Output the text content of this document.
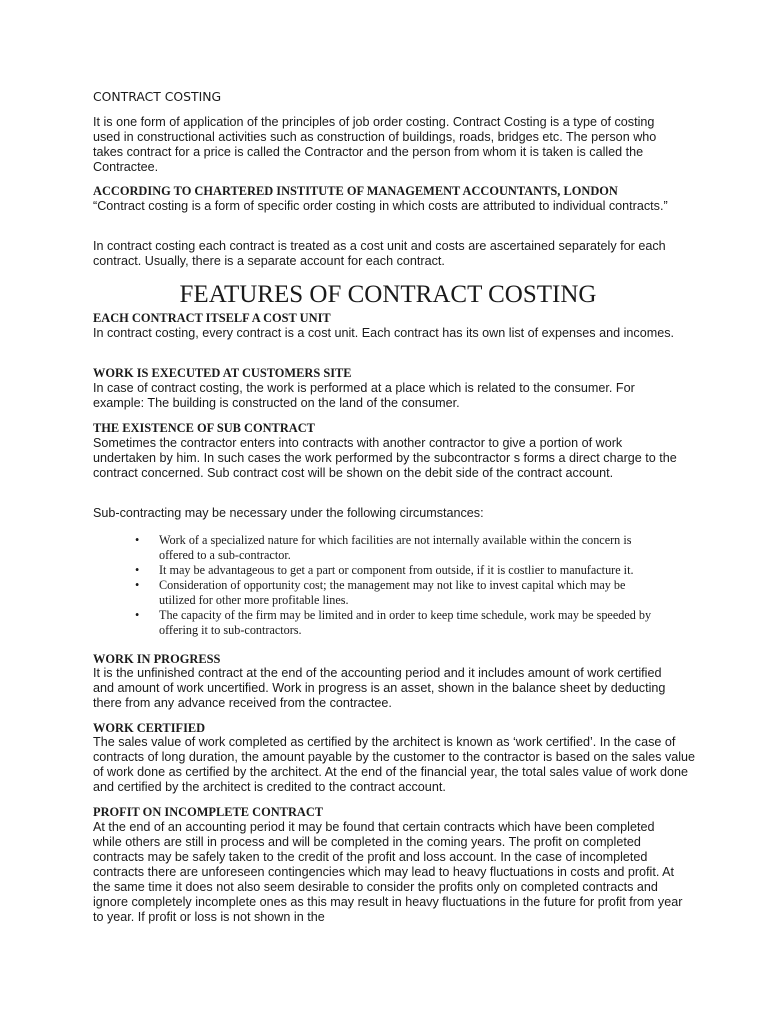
CONTRACT COSTING

It is one form of application of the principles of job order costing. Contract Costing is a type of costing used in constructional activities such as construction of buildings, roads, bridges etc. The person who takes contract for a price is called the Contractor and the person from whom it is taken is called the Contractee.

ACCORDING TO CHARTERED INSTITUTE OF MANAGEMENT ACCOUNTANTS, LONDON

“Contract costing is a form of specific order costing in which costs are attributed to individual contracts.”

In contract costing each contract is treated as a cost unit and costs are ascertained separately for each contract. Usually, there is a separate account for each contract.

FEATURES OF CONTRACT COSTING

EACH CONTRACT ITSELF A COST UNIT

In contract costing, every contract is a cost unit. Each contract has its own list of expenses and incomes.

WORK IS EXECUTED AT CUSTOMERS SITE

In case of contract costing, the work is performed at a place which is related to the consumer. For example: The building is constructed on the land of the consumer.

THE EXISTENCE OF SUB CONTRACT

Sometimes the contractor enters into contracts with another contractor to give a portion of work undertaken by him. In such cases the work performed by the subcontractor s forms a direct charge to the contract concerned. Sub contract cost will be shown on the debit side of the contract account.

Sub-contracting may be necessary under the following circumstances:

• Work of a specialized nature for which facilities are not internally available within the concern is offered to a sub-contractor.
• It may be advantageous to get a part or component from outside, if it is costlier to manufacture it.
• Consideration of opportunity cost; the management may not like to invest capital which may be utilized for other more profitable lines.
• The capacity of the firm may be limited and in order to keep time schedule, work may be speeded by offering it to sub-contractors.

WORK IN PROGRESS

It is the unfinished contract at the end of the accounting period and it includes amount of work certified and amount of work uncertified. Work in progress is an asset, shown in the balance sheet by deducting there from any advance received from the contractee.

WORK CERTIFIED

The sales value of work completed as certified by the architect is known as ‘work certified’. In the case of contracts of long duration, the amount payable by the customer to the contractor is based on the sales value of work done as certified by the architect. At the end of the financial year, the total sales value of work done and certified by the architect is credited to the contract account.

PROFIT ON INCOMPLETE CONTRACT

At the end of an accounting period it may be found that certain contracts which have been completed while others are still in process and will be completed in the coming years. The profit on completed contracts may be safely taken to the credit of the profit and loss account. In the case of incompleted contracts there are unforeseen contingencies which may lead to heavy fluctuations in costs and profit. At the same time it does not also seem desirable to consider the profits only on completed contracts and ignore completely incomplete ones as this may result in heavy fluctuations in the future for profit from year to year. If profit or loss is not shown in the
